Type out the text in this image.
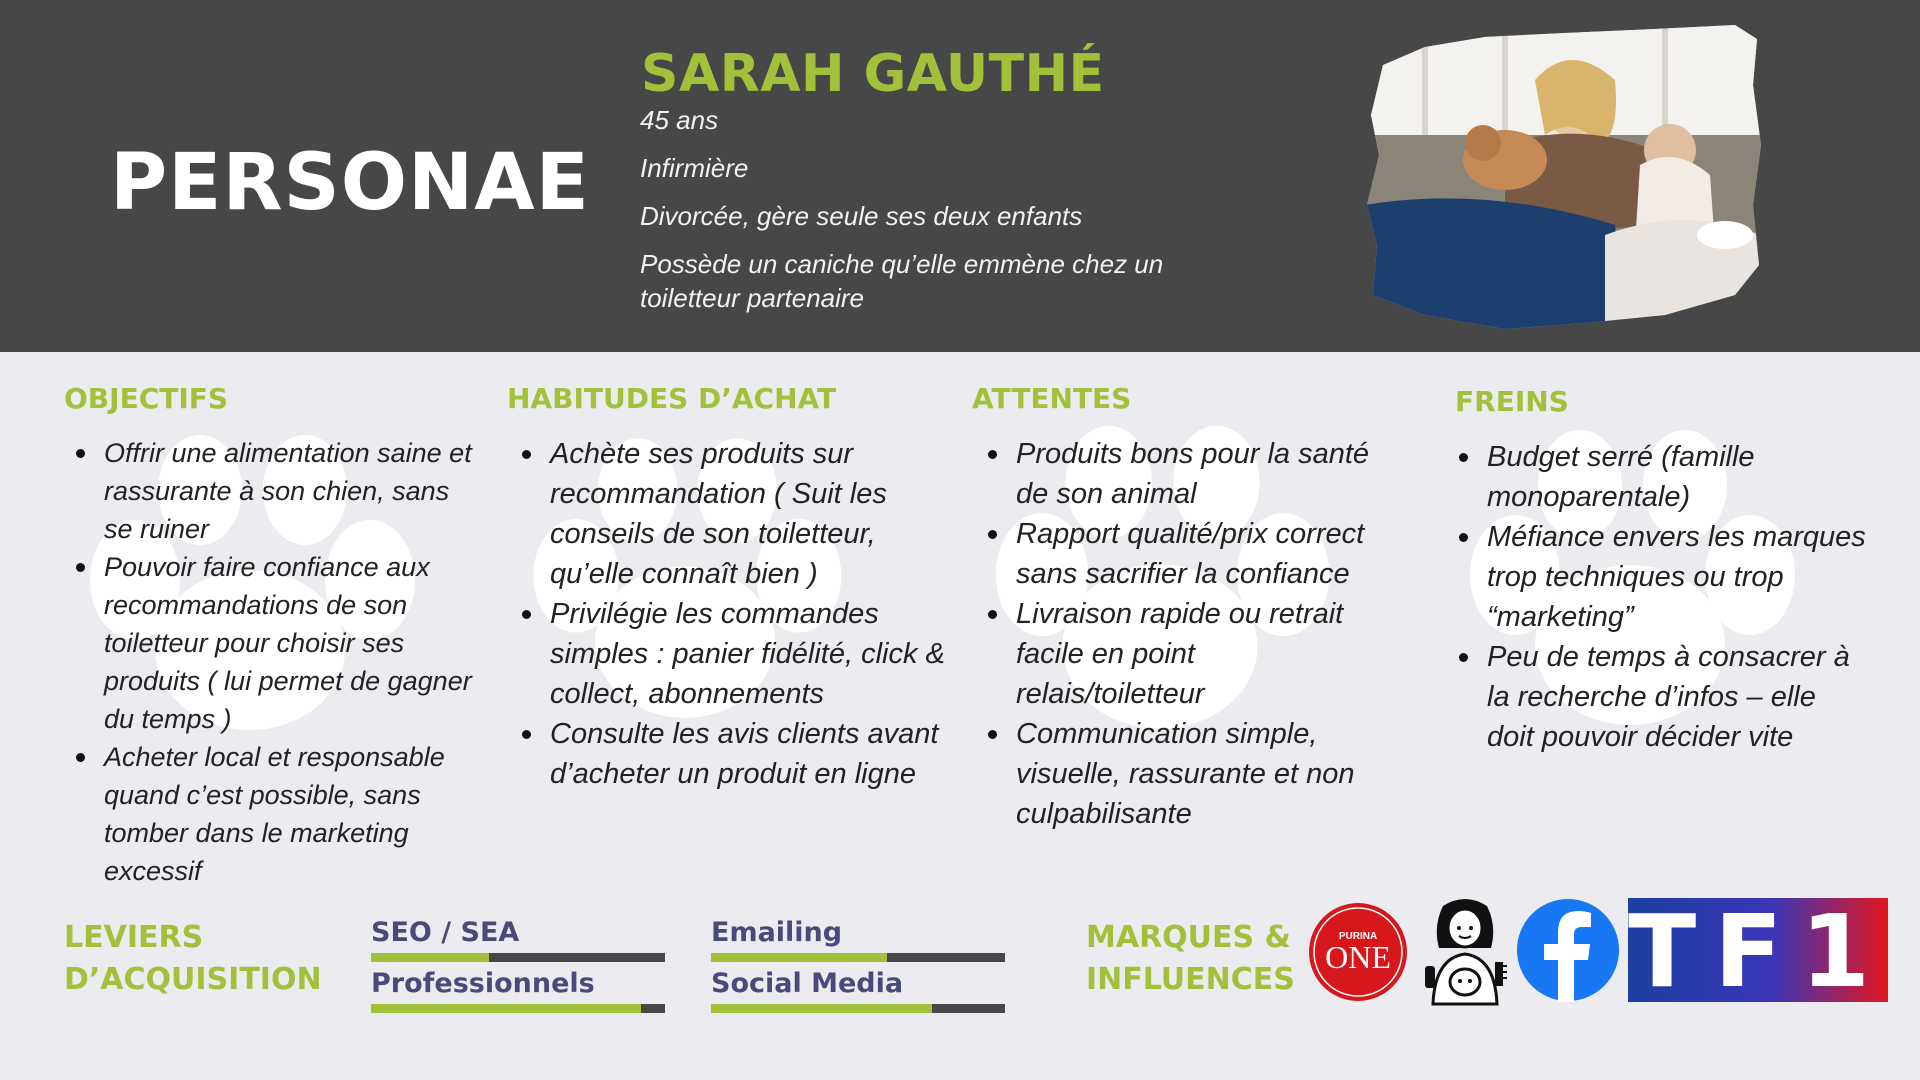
PERSONAE
SARAH GAUTHÉ
45 ans
Infirmière
Divorcée, gère seule ses deux enfants
Possède un caniche qu’elle emmène chez un
toiletteur partenaire
OBJECTIFS	HABITUDES D’ACHAT	ATTENTES	FREINS
Offrir une alimentation saine et rassurante à son chien, sans se ruiner
Pouvoir faire confiance aux recommandations de son toiletteur pour choisir ses produits ( lui permet de gagner du temps )
Acheter local et responsable quand c’est possible, sans tomber dans le marketing excessif
Achète ses produits sur recommandation ( Suit les conseils de son toiletteur, qu’elle connaît bien )
Privilégie les commandes simples : panier fidélité, click & collect, abonnements
Consulte les avis clients avant d’acheter un produit en ligne
Produits bons pour la santé de son animal
Rapport qualité/prix correct sans sacrifier la confiance
Livraison rapide ou retrait facile en point relais/toiletteur
Communication simple, visuelle, rassurante et non culpabilisante
Budget serré (famille monoparentale)
Méfiance envers les marques trop techniques ou trop “marketing”
Peu de temps à consacrer à la recherche d’infos – elle doit pouvoir décider vite
LEVIERS
D’ACQUISITION
SEO / SEA	Emailing
Professionnels	Social Media
MARQUES &
INFLUENCES
PURINA
ONE TF1
